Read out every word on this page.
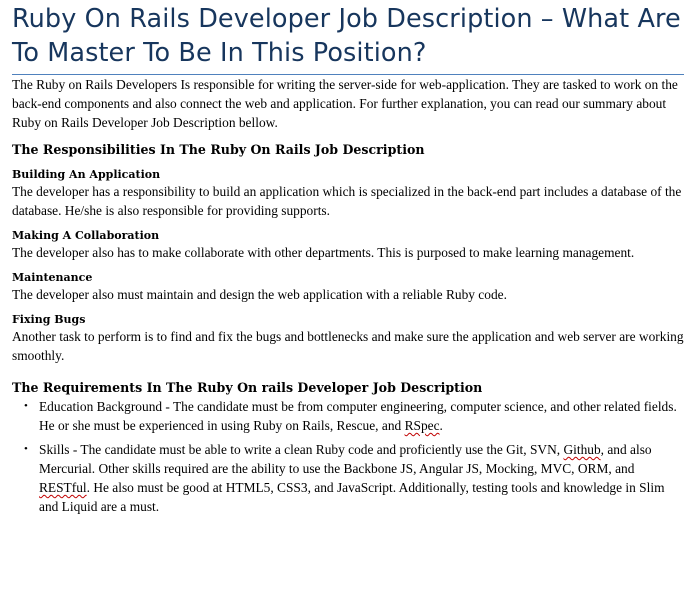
Ruby On Rails Developer Job Description – What Are To Master To Be In This Position?

The Ruby on Rails Developers Is responsible for writing the server-side for web-application. They are tasked to work on the back-end components and also connect the web and application. For further explanation, you can read our summary about Ruby on Rails Developer Job Description bellow.

The Responsibilities In The Ruby On Rails Job Description
Building An Application

The developer has a responsibility to build an application which is specialized in the back-end part includes a database of the database. He/she is also responsible for providing supports.

Making A Collaboration

The developer also has to make collaborate with other departments. This is purposed to make learning management.

Maintenance

The developer also must maintain and design the web application with a reliable Ruby code.

Fixing Bugs

Another task to perform is to find and fix the bugs and bottlenecks and make sure the application and web server are working smoothly.

The Requirements In The Ruby On rails Developer Job Description
• Education Background - The candidate must be from computer engineering, computer science, and other related fields. He or she must be experienced in using Ruby on Rails, Rescue, and RSpec.
• Skills - The candidate must be able to write a clean Ruby code and proficiently use the Git, SVN, Github, and also Mercurial. Other skills required are the ability to use the Backbone JS, Angular JS, Mocking, MVC, ORM, and RESTful. He also must be good at HTML5, CSS3, and JavaScript. Additionally, testing tools and knowledge in Slim and Liquid are a must.
